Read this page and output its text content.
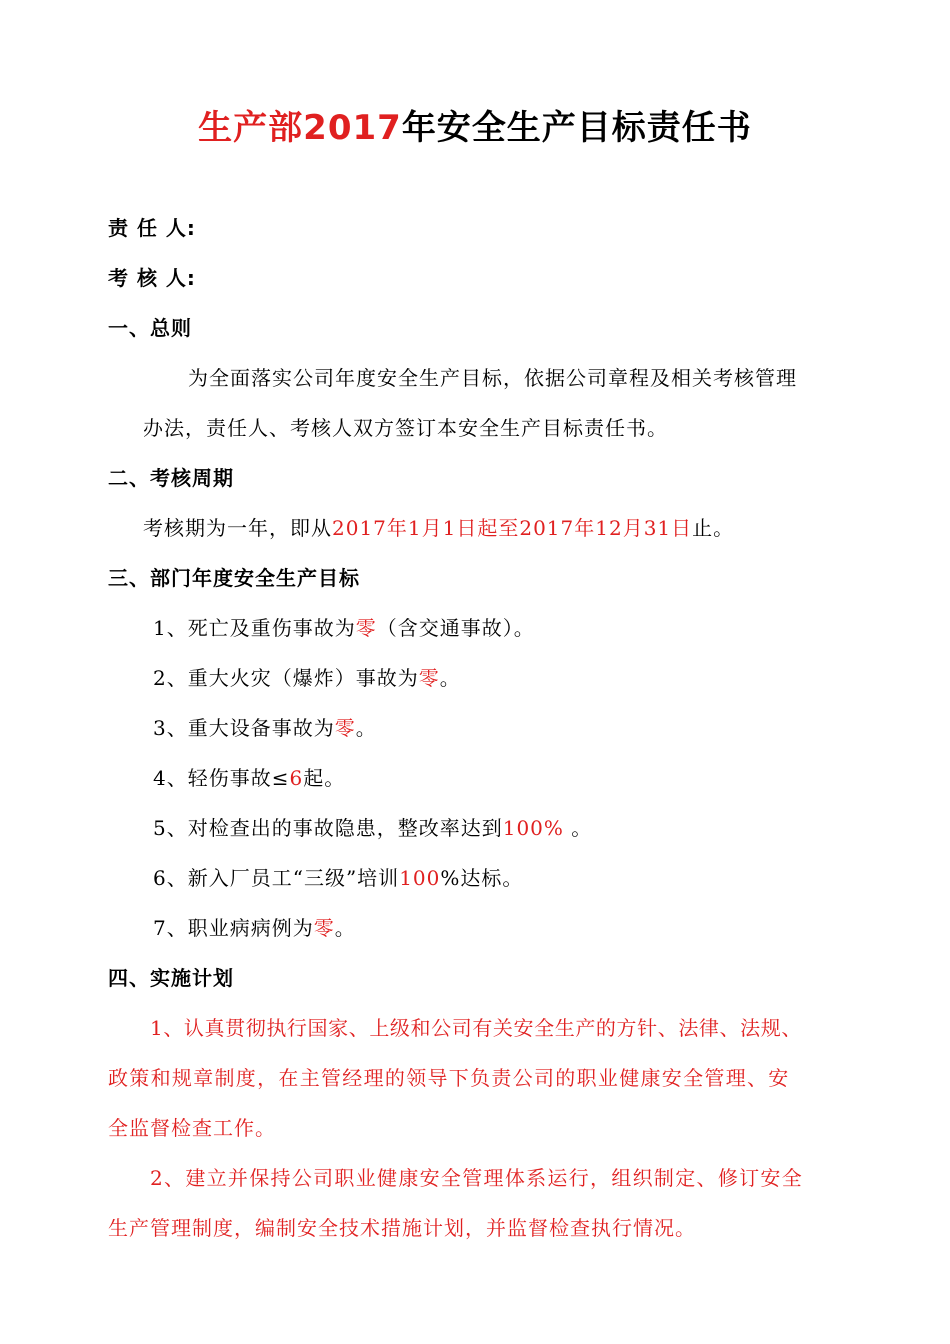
生产部2017年安全生产目标责任书
责 任 人:
考 核 人:
一、总则
为全面落实公司年度安全生产目标，依据公司章程及相关考核管理
办法，责任人、考核人双方签订本安全生产目标责任书。
二、考核周期
考核期为一年，即从2017年1月1日起至2017年12月31日止。
三、部门年度安全生产目标
1、死亡及重伤事故为零（含交通事故）。
2、重大火灾（爆炸）事故为零。
3、重大设备事故为零。
4、轻伤事故≤6起。
5、对检查出的事故隐患，整改率达到100% 。
6、新入厂员工“三级”培训100%达标。
7、职业病病例为零。
四、实施计划
1、认真贯彻执行国家、上级和公司有关安全生产的方针、法律、法规、
政策和规章制度，在主管经理的领导下负责公司的职业健康安全管理、安
全监督检查工作。
2、建立并保持公司职业健康安全管理体系运行，组织制定、修订安全
生产管理制度，编制安全技术措施计划，并监督检查执行情况。
